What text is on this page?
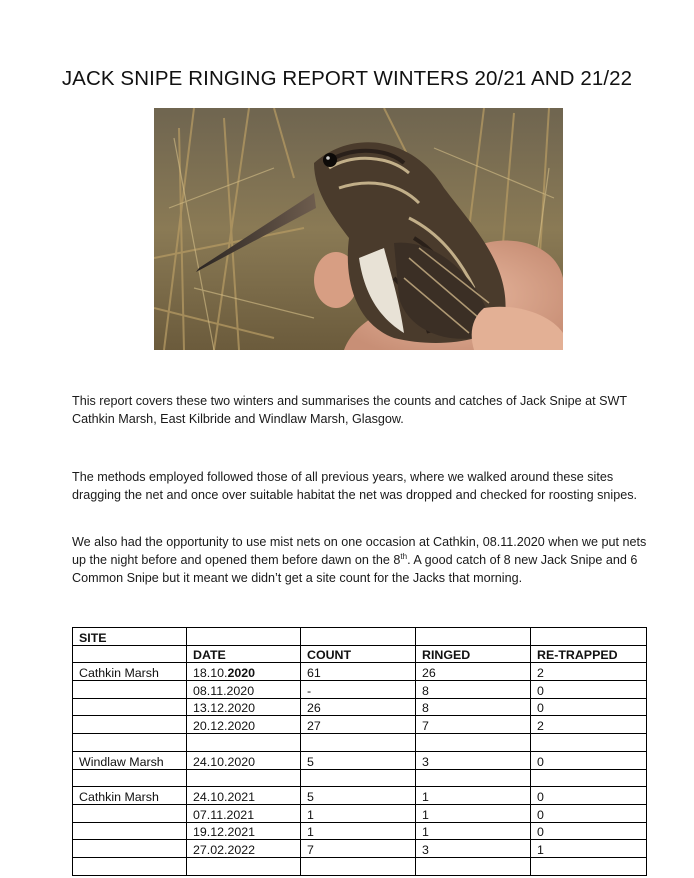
JACK SNIPE RINGING REPORT WINTERS 20/21 AND 21/22
This report covers these two winters and summarises the counts and catches of Jack Snipe at SWT Cathkin Marsh, East Kilbride and Windlaw Marsh, Glasgow.
The methods employed followed those of all previous years, where we walked around these sites dragging the net and once over suitable habitat the net was dropped and checked for roosting snipes.
We also had the opportunity to use mist nets on one occasion at Cathkin, 08.11.2020 when we put nets up the night before and opened them before dawn on the 8th. A good catch of 8 new Jack Snipe and 6 Common Snipe but it meant we didn’t get a site count for the Jacks that morning.
SITE				
	DATE	COUNT	RINGED	RE-TRAPPED
Cathkin Marsh	18.10.2020	61	26	2
	08.11.2020	-	8	0
	13.12.2020	26	8	0
	20.12.2020	27	7	2

Windlaw Marsh	24.10.2020	5	3	0

Cathkin Marsh	24.10.2021	5	1	0
	07.11.2021	1	1	0
	19.12.2021	1	1	0
	27.02.2022	7	3	1
